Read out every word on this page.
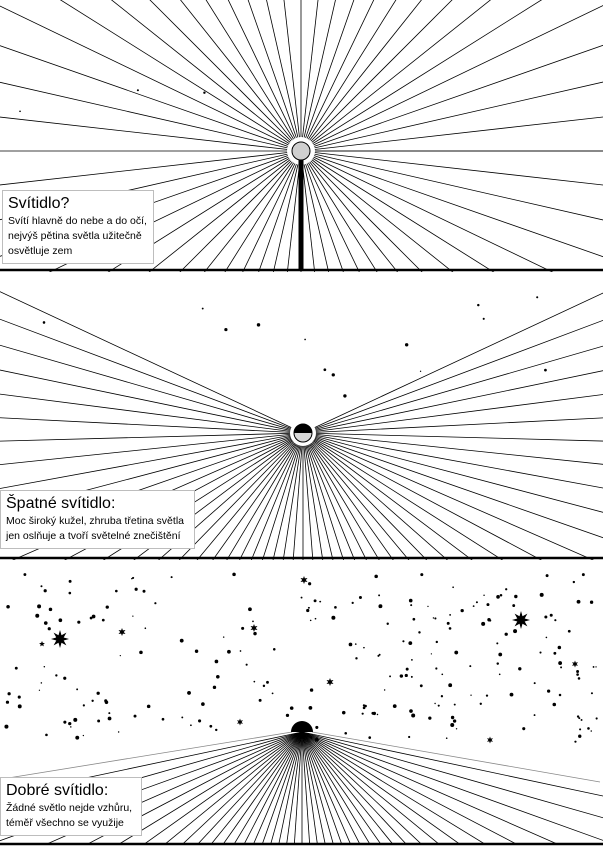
Svítidlo?
Svítí hlavně do nebe a do očí,
nejvýš pětina světla užitečně
osvětluje zem
Špatné svítidlo:
Moc široký kužel, zhruba třetina světla
jen oslňuje a tvoří světelné znečištění
Dobré svítidlo:
Žádné světlo nejde vzhůru,
téměř všechno se využije
